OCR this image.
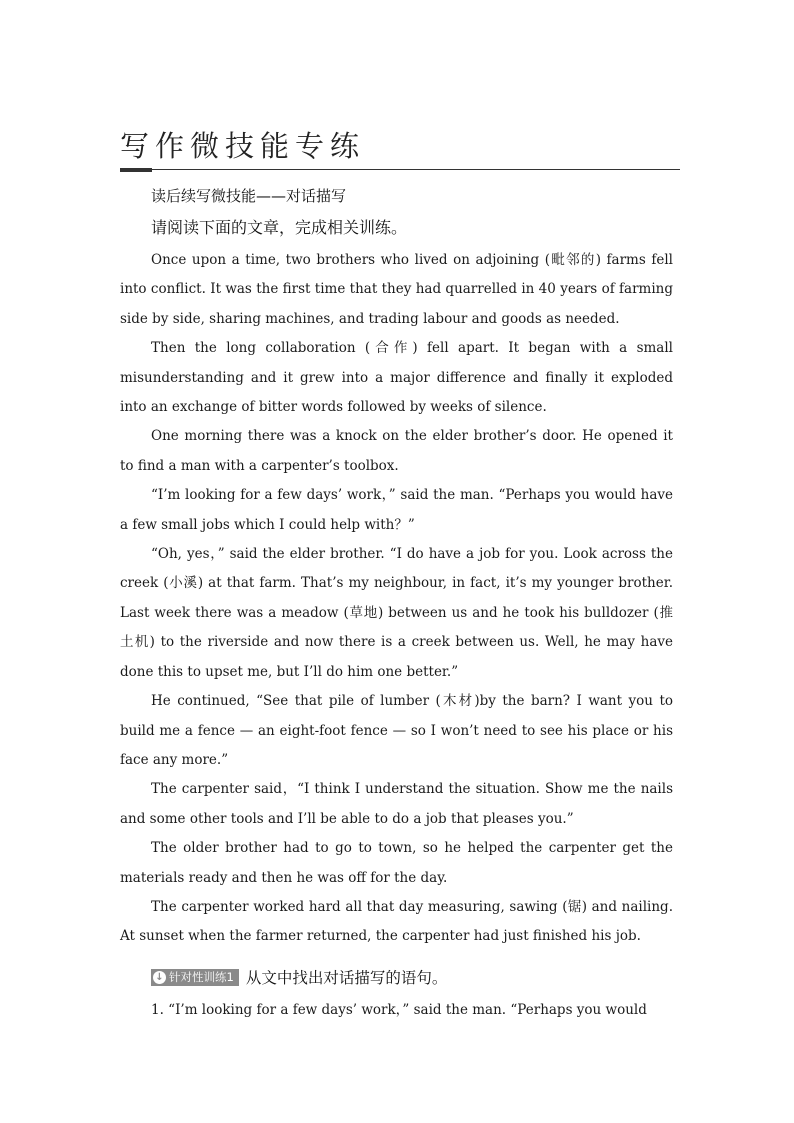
写作微技能专练
读后续写微技能——对话描写
请阅读下面的文章，完成相关训练。

Once upon a time, two brothers who lived on adjoining (毗邻的) farms fell into conflict. It was the first time that they had quarrelled in 40 years of farming side by side, sharing machines, and trading labour and goods as needed.

Then the long collaboration (合作) fell apart. It began with a small misunderstanding and it grew into a major difference and finally it exploded into an exchange of bitter words followed by weeks of silence.

One morning there was a knock on the elder brother’s door. He opened it to find a man with a carpenter’s toolbox.

“I’m looking for a few days’ work，” said the man. “Perhaps you would have a few small jobs which I could help with？”

“Oh, yes，” said the elder brother. “I do have a job for you. Look across the creek (小溪) at that farm. That’s my neighbour, in fact, it’s my younger brother. Last week there was a meadow (草地) between us and he took his bulldozer (推土机) to the riverside and now there is a creek between us. Well, he may have done this to upset me, but I’ll do him one better.”

He continued, “See that pile of lumber (木材)by the barn? I want you to build me a fence — an eight-foot fence — so I won’t need to see his place or his face any more.”

The carpenter said，“I think I understand the situation. Show me the nails and some other tools and I’ll be able to do a job that pleases you.”

The older brother had to go to town, so he helped the carpenter get the materials ready and then he was off for the day.

The carpenter worked hard all that day measuring, sawing (锯) and nailing. At sunset when the farmer returned, the carpenter had just finished his job.

↓ 针对性训练1 从文中找出对话描写的语句。

1. “I’m looking for a few days’ work，” said the man. “Perhaps you would
